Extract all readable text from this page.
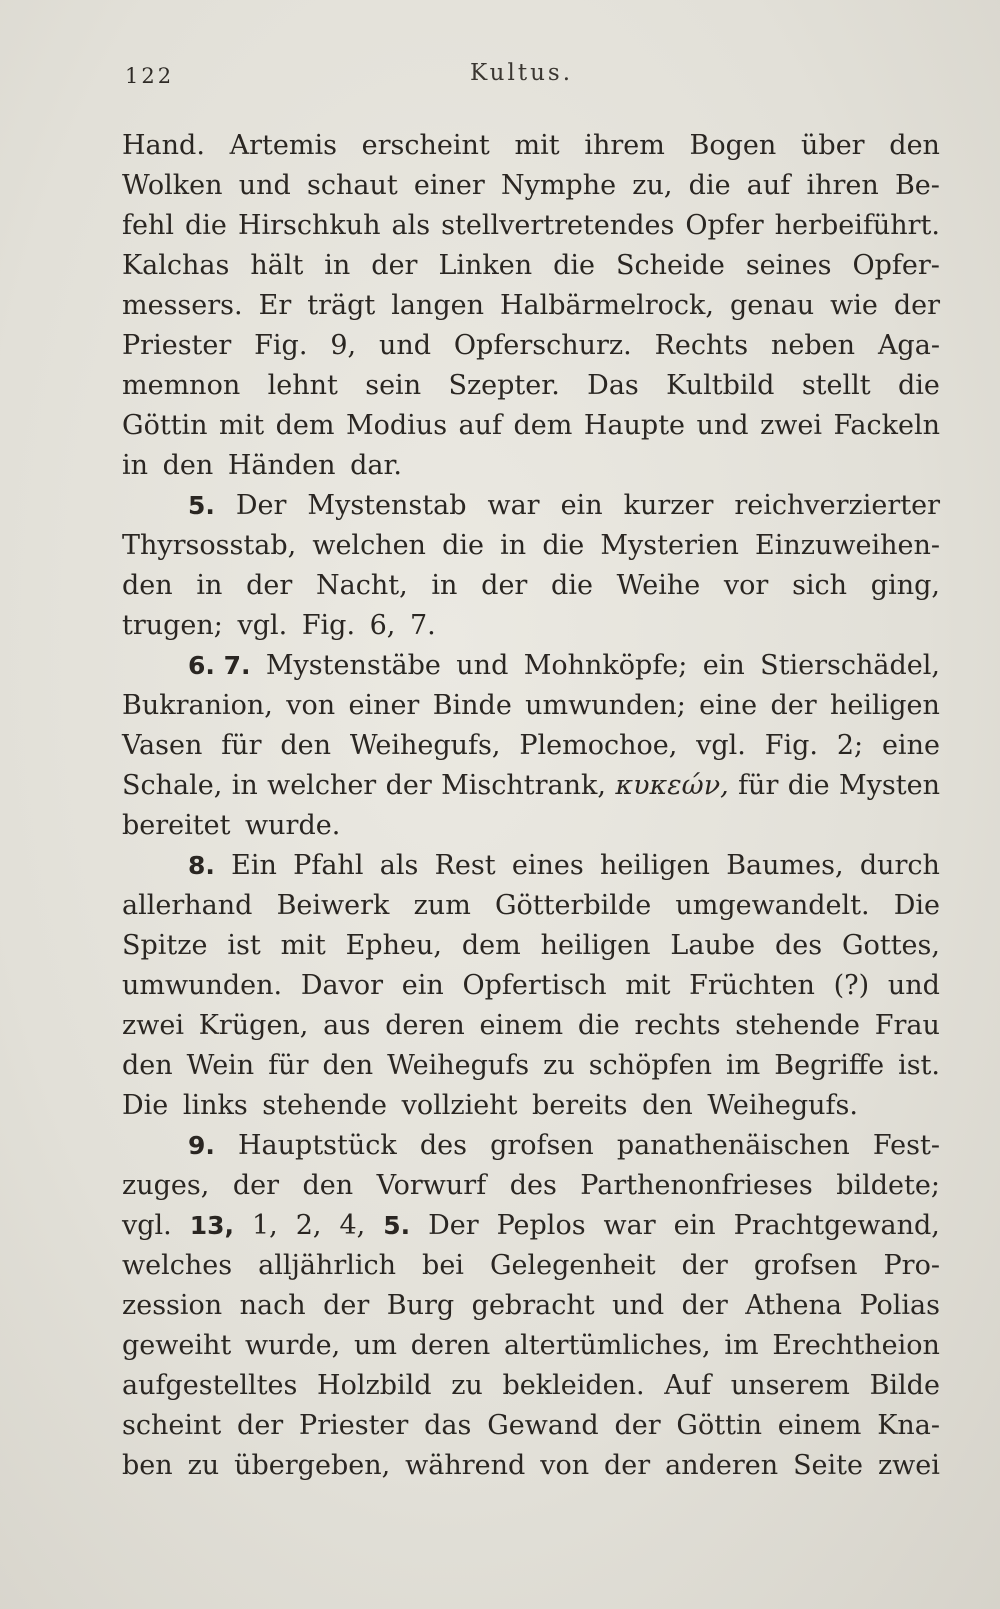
122	Kultus.
Hand. Artemis erscheint mit ihrem Bogen über den
Wolken und schaut einer Nymphe zu, die auf ihren Be-
fehl die Hirschkuh als stellvertretendes Opfer herbeiführt.
Kalchas hält in der Linken die Scheide seines Opfer-
messers. Er trägt langen Halbärmelrock, genau wie der
Priester Fig. 9, und Opferschurz. Rechts neben Aga-
memnon lehnt sein Szepter. Das Kultbild stellt die
Göttin mit dem Modius auf dem Haupte und zwei Fackeln
in den Händen dar.
5. Der Mystenstab war ein kurzer reichverzierter
Thyrsosstab, welchen die in die Mysterien Einzuweihen-
den in der Nacht, in der die Weihe vor sich ging,
trugen; vgl. Fig. 6, 7.
6. 7. Mystenstäbe und Mohnköpfe; ein Stierschädel,
Bukranion, von einer Binde umwunden; eine der heiligen
Vasen für den Weihegufs, Plemochoe, vgl. Fig. 2; eine
Schale, in welcher der Mischtrank, κυκεών, für die Mysten
bereitet wurde.
8. Ein Pfahl als Rest eines heiligen Baumes, durch
allerhand Beiwerk zum Götterbilde umgewandelt. Die
Spitze ist mit Epheu, dem heiligen Laube des Gottes,
umwunden. Davor ein Opfertisch mit Früchten (?) und
zwei Krügen, aus deren einem die rechts stehende Frau
den Wein für den Weihegufs zu schöpfen im Begriffe ist.
Die links stehende vollzieht bereits den Weihegufs.
9. Hauptstück des grofsen panathenäischen Fest-
zuges, der den Vorwurf des Parthenonfrieses bildete;
vgl. 13, 1, 2, 4, 5. Der Peplos war ein Prachtgewand,
welches alljährlich bei Gelegenheit der grofsen Pro-
zession nach der Burg gebracht und der Athena Polias
geweiht wurde, um deren altertümliches, im Erechtheion
aufgestelltes Holzbild zu bekleiden. Auf unserem Bilde
scheint der Priester das Gewand der Göttin einem Kna-
ben zu übergeben, während von der anderen Seite zwei
